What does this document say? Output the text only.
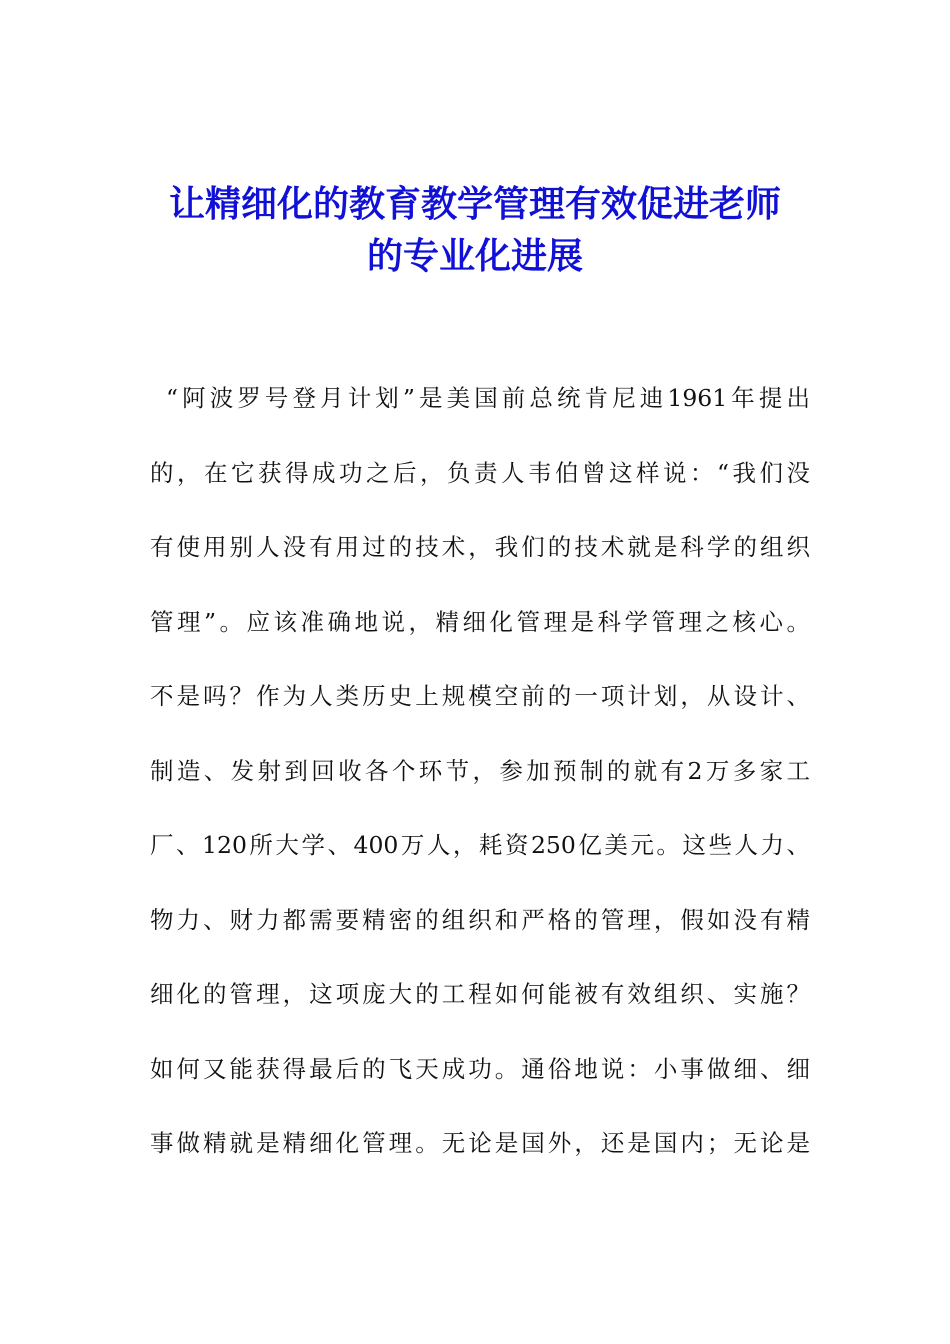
让精细化的教育教学管理有效促进老师
的专业化进展
“阿波罗号登月计划”是美国前总统肯尼迪1961年提出
的，在它获得成功之后，负责人韦伯曾这样说：“我们没
有使用别人没有用过的技术，我们的技术就是科学的组织
管理”。应该准确地说，精细化管理是科学管理之核心。
不是吗？作为人类历史上规模空前的一项计划，从设计、
制造、发射到回收各个环节，参加预制的就有2万多家工
厂、120所大学、400万人，耗资250亿美元。这些人力、
物力、财力都需要精密的组织和严格的管理，假如没有精
细化的管理，这项庞大的工程如何能被有效组织、实施？
如何又能获得最后的飞天成功。通俗地说：小事做细、细
事做精就是精细化管理。无论是国外，还是国内；无论是
